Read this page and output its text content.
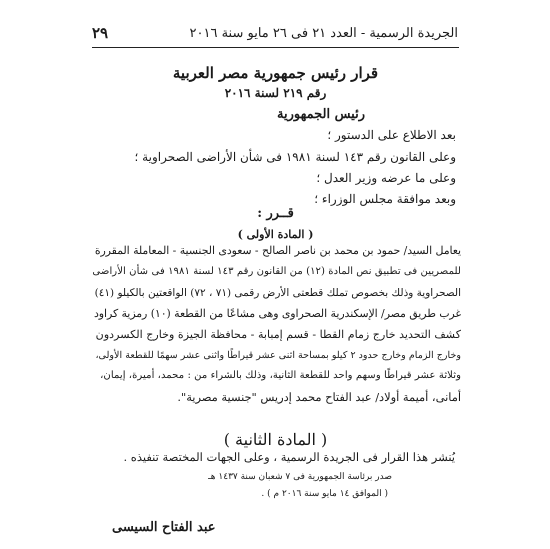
الجريدة الرسمية - العدد ٢١ فى ٢٦ مايو سنة ٢٠١٦
٢٩
قرار رئيس جمهورية مصر العربية
رقم ٢١٩ لسنة ٢٠١٦
رئيس الجمهورية
بعد الاطلاع على الدستور ؛
وعلى القانون رقم ١٤٣ لسنة ١٩٨١ فى شأن الأراضى الصحراوية ؛
وعلى ما عرضه وزير العدل ؛
وبعد موافقة مجلس الوزراء ؛
قــرر :
( المادة الأولى )
يعامل السيد/ حمود بن محمد بن ناصر الصالح - سعودى الجنسية - المعاملة المقررة
للمصريين فى تطبيق نص المادة (١٢) من القانون رقم ١٤٣ لسنة ١٩٨١ فى شأن الأراضى
الصحراوية وذلك بخصوص تملك قطعتى الأرض رقمى (٧١ ، ٧٢) الواقعتين بالكيلو (٤١)
غرب طريق مصر/ الإسكندرية الصحراوى وهى مشاعًا من القطعة (١٠) رمزية كراود
كشف التحديد خارج زمام القطا - قسم إمبابة - محافظة الجيزة وخارج الكسردون
وخارج الزمام وخارج حدود ٢ كيلو بمساحة اثنى عشر قيراطًا واثنى عشر سهمًا للقطعة الأولى،
وثلاثة عشر قيراطًا وسهم واحد للقطعة الثانية، وذلك بالشراء من : محمد، أميرة، إيمان،
أمانى، أميمة أولاد/ عبد الفتاح محمد إدريس "جنسية مصرية".
( المادة الثانية )
يُنشر هذا القرار فى الجريدة الرسمية ، وعلى الجهات المختصة تنفيذه .
صدر برئاسة الجمهورية فى ٧ شعبان سنة ١٤٣٧ هـ
( الموافق ١٤ مايو سنة ٢٠١٦ م ) .
عبد الفتاح السيسى
